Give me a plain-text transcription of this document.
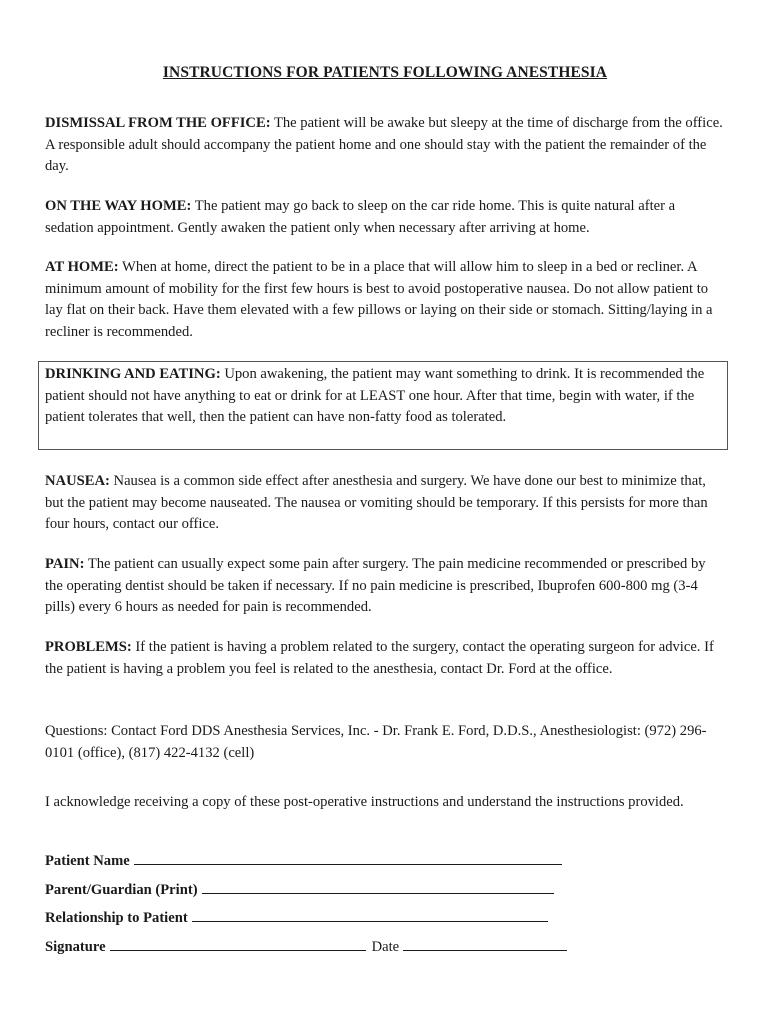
INSTRUCTIONS FOR PATIENTS FOLLOWING ANESTHESIA

DISMISSAL FROM THE OFFICE: The patient will be awake but sleepy at the time of discharge from the office. A responsible adult should accompany the patient home and one should stay with the patient the remainder of the day.

ON THE WAY HOME: The patient may go back to sleep on the car ride home. This is quite natural after a sedation appointment. Gently awaken the patient only when necessary after arriving at home.

AT HOME: When at home, direct the patient to be in a place that will allow him to sleep in a bed or recliner. A minimum amount of mobility for the first few hours is best to avoid postoperative nausea. Do not allow patient to lay flat on their back. Have them elevated with a few pillows or laying on their side or stomach. Sitting/laying in a recliner is recommended.

DRINKING AND EATING: Upon awakening, the patient may want something to drink. It is recommended the patient should not have anything to eat or drink for at LEAST one hour. After that time, begin with water, if the patient tolerates that well, then the patient can have non-fatty food as tolerated.

NAUSEA: Nausea is a common side effect after anesthesia and surgery. We have done our best to minimize that, but the patient may become nauseated. The nausea or vomiting should be temporary. If this persists for more than four hours, contact our office.

PAIN: The patient can usually expect some pain after surgery. The pain medicine recommended or prescribed by the operating dentist should be taken if necessary. If no pain medicine is prescribed, Ibuprofen 600-800 mg (3-4 pills) every 6 hours as needed for pain is recommended.

PROBLEMS: If the patient is having a problem related to the surgery, contact the operating surgeon for advice. If the patient is having a problem you feel is related to the anesthesia, contact Dr. Ford at the office.

Questions: Contact Ford DDS Anesthesia Services, Inc. - Dr. Frank E. Ford, D.D.S., Anesthesiologist: (972) 296-0101 (office), (817) 422-4132 (cell)

I acknowledge receiving a copy of these post-operative instructions and understand the instructions provided.

Patient Name
Parent/Guardian (Print)
Relationship to Patient
Signature	Date
